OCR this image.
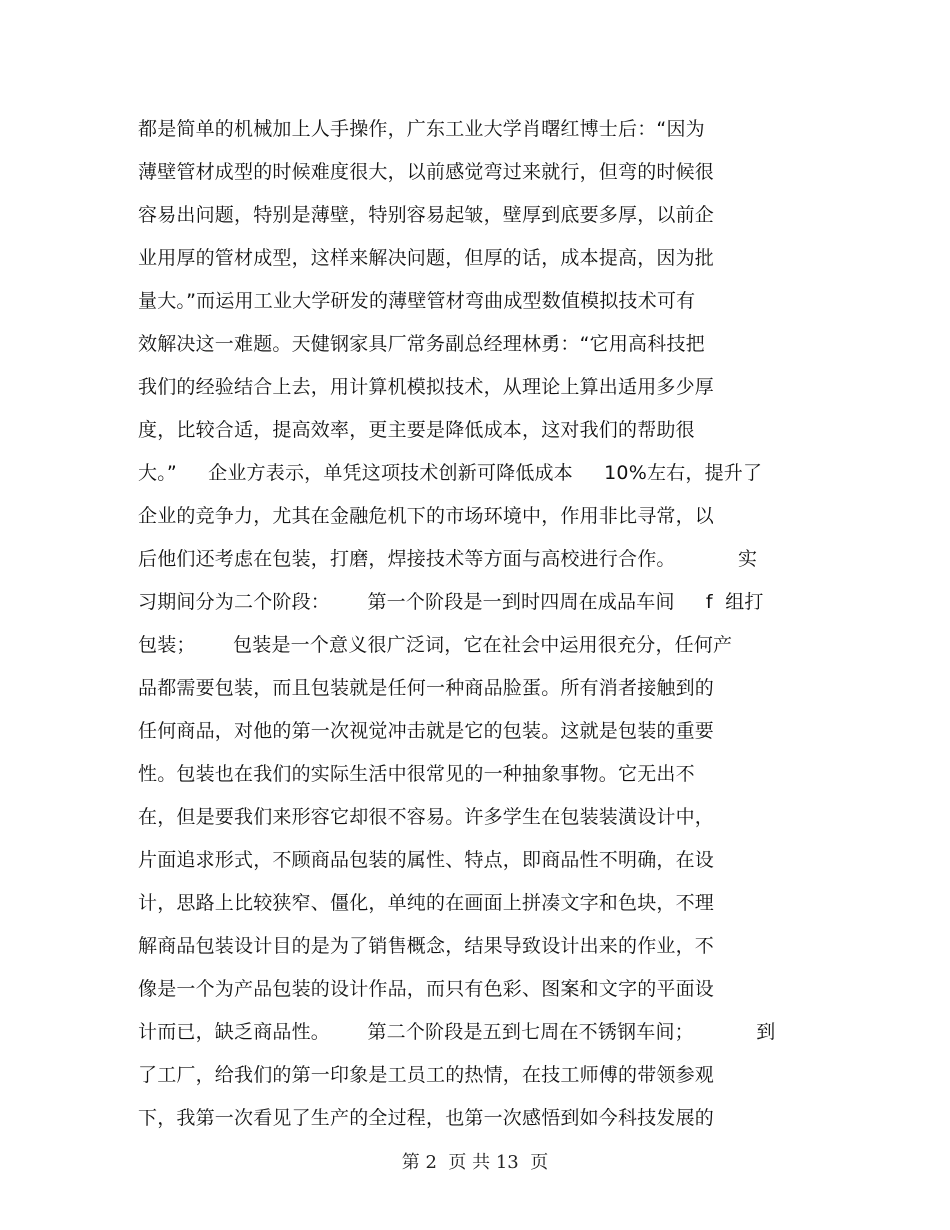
都是简单的机械加上人手操作，广东工业大学肖曙红博士后：“因为
薄壁管材成型的时候难度很大，以前感觉弯过来就行，但弯的时候很
容易出问题，特别是薄壁，特别容易起皱，壁厚到底要多厚，以前企
业用厚的管材成型，这样来解决问题，但厚的话，成本提高，因为批
量大。”而运用工业大学研发的薄壁管材弯曲成型数值模拟技术可有
效解决这一难题。天健钢家具厂常务副总经理林勇：“它用高科技把
我们的经验结合上去，用计算机模拟技术，从理论上算出适用多少厚
度，比较合适，提高效率，更主要是降低成本，这对我们的帮助很
大。”     企业方表示，单凭这项技术创新可降低成本     10%左右，提升了
企业的竞争力，尤其在金融危机下的市场环境中，作用非比寻常，以
后他们还考虑在包装，打磨，焊接技术等方面与高校进行合作。          实
习期间分为二个阶段：      第一个阶段是一到时四周在成品车间     f  组打
包装；      包装是一个意义很广泛词，它在社会中运用很充分，任何产
品都需要包装，而且包装就是任何一种商品脸蛋。所有消者接触到的
任何商品，对他的第一次视觉冲击就是它的包装。这就是包装的重要
性。包装也在我们的实际生活中很常见的一种抽象事物。它无出不
在，但是要我们来形容它却很不容易。许多学生在包装装潢设计中，
片面追求形式，不顾商品包装的属性、特点，即商品性不明确，在设
计，思路上比较狭窄、僵化，单纯的在画面上拼凑文字和色块，不理
解商品包装设计目的是为了销售概念，结果导致设计出来的作业，不
像是一个为产品包装的设计作品，而只有色彩、图案和文字的平面设
计而已，缺乏商品性。      第二个阶段是五到七周在不锈钢车间；          到
了工厂，给我们的第一印象是工员工的热情，在技工师傅的带领参观
下，我第一次看见了生产的全过程，也第一次感悟到如今科技发展的
第 2  页 共 13  页
